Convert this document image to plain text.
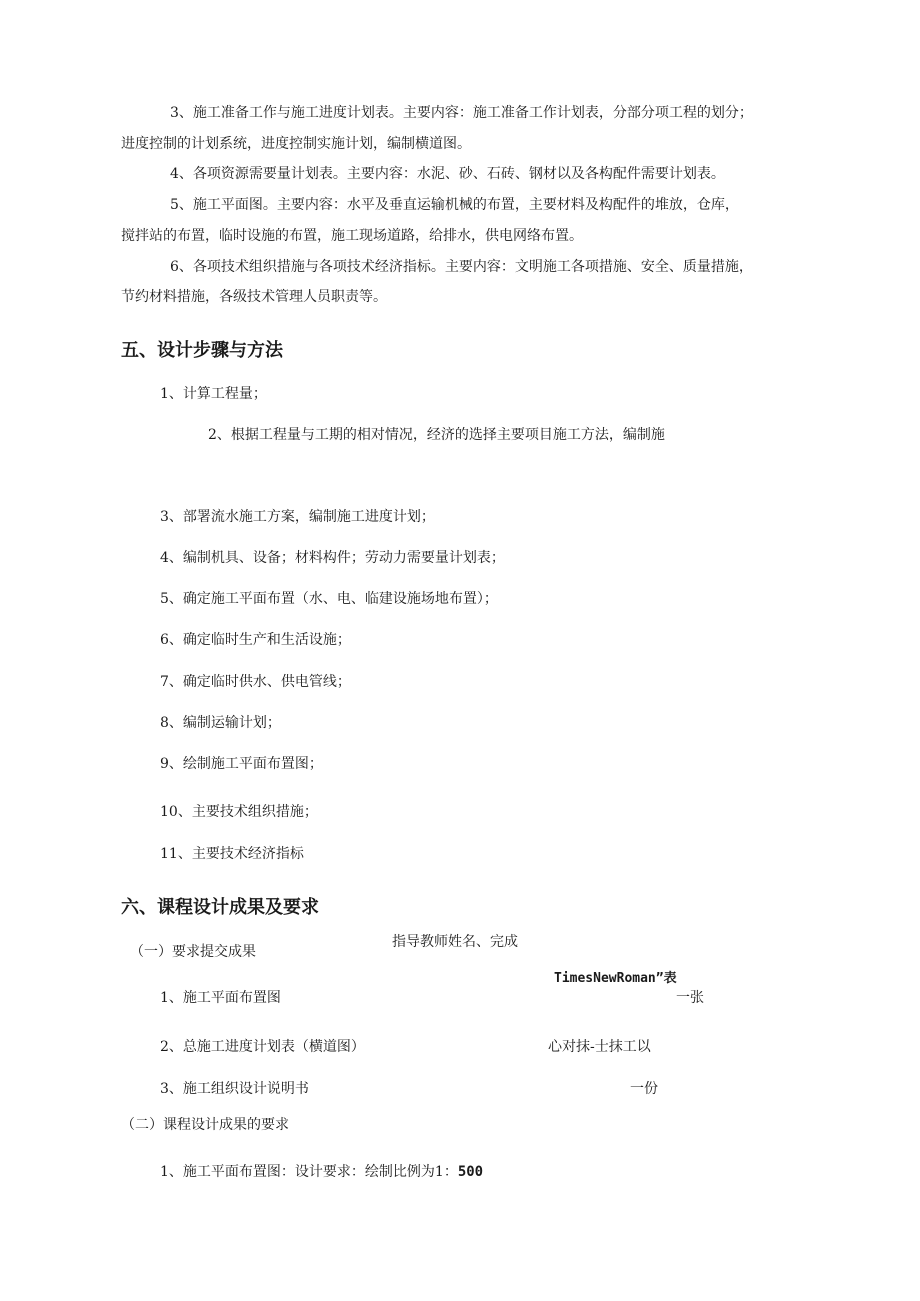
3、施工准备工作与施工进度计划表。主要内容：施工准备工作计划表，分部分项工程的划分；
进度控制的计划系统，进度控制实施计划，编制横道图。
4、各项资源需要量计划表。主要内容：水泥、砂、石砖、钢材以及各构配件需要计划表。
5、施工平面图。主要内容：水平及垂直运输机械的布置，主要材料及构配件的堆放，仓库，
搅拌站的布置，临时设施的布置，施工现场道路，给排水，供电网络布置。
6、各项技术组织措施与各项技术经济指标。主要内容：文明施工各项措施、安全、质量措施，
节约材料措施，各级技术管理人员职责等。
五、设计步骤与方法
1、计算工程量；
2、根据工程量与工期的相对情况，经济的选择主要项目施工方法，编制施
3、部署流水施工方案，编制施工进度计划；
4、编制机具、设备；材料构件；劳动力需要量计划表；
5、确定施工平面布置（水、电、临建设施场地布置）；
6、确定临时生产和生活设施；
7、确定临时供水、供电管线；
8、编制运输计划；
9、绘制施工平面布置图；
10、主要技术组织措施；
11、主要技术经济指标
六、课程设计成果及要求
指导教师姓名、完成
（一）要求提交成果
TimesNewRoman”表
1、施工平面布置图	一张
2、总施工进度计划表（横道图）	心对抹-士抹工以
3、施工组织设计说明书	一份
（二）课程设计成果的要求
1、施工平面布置图：设计要求：绘制比例为1：500
